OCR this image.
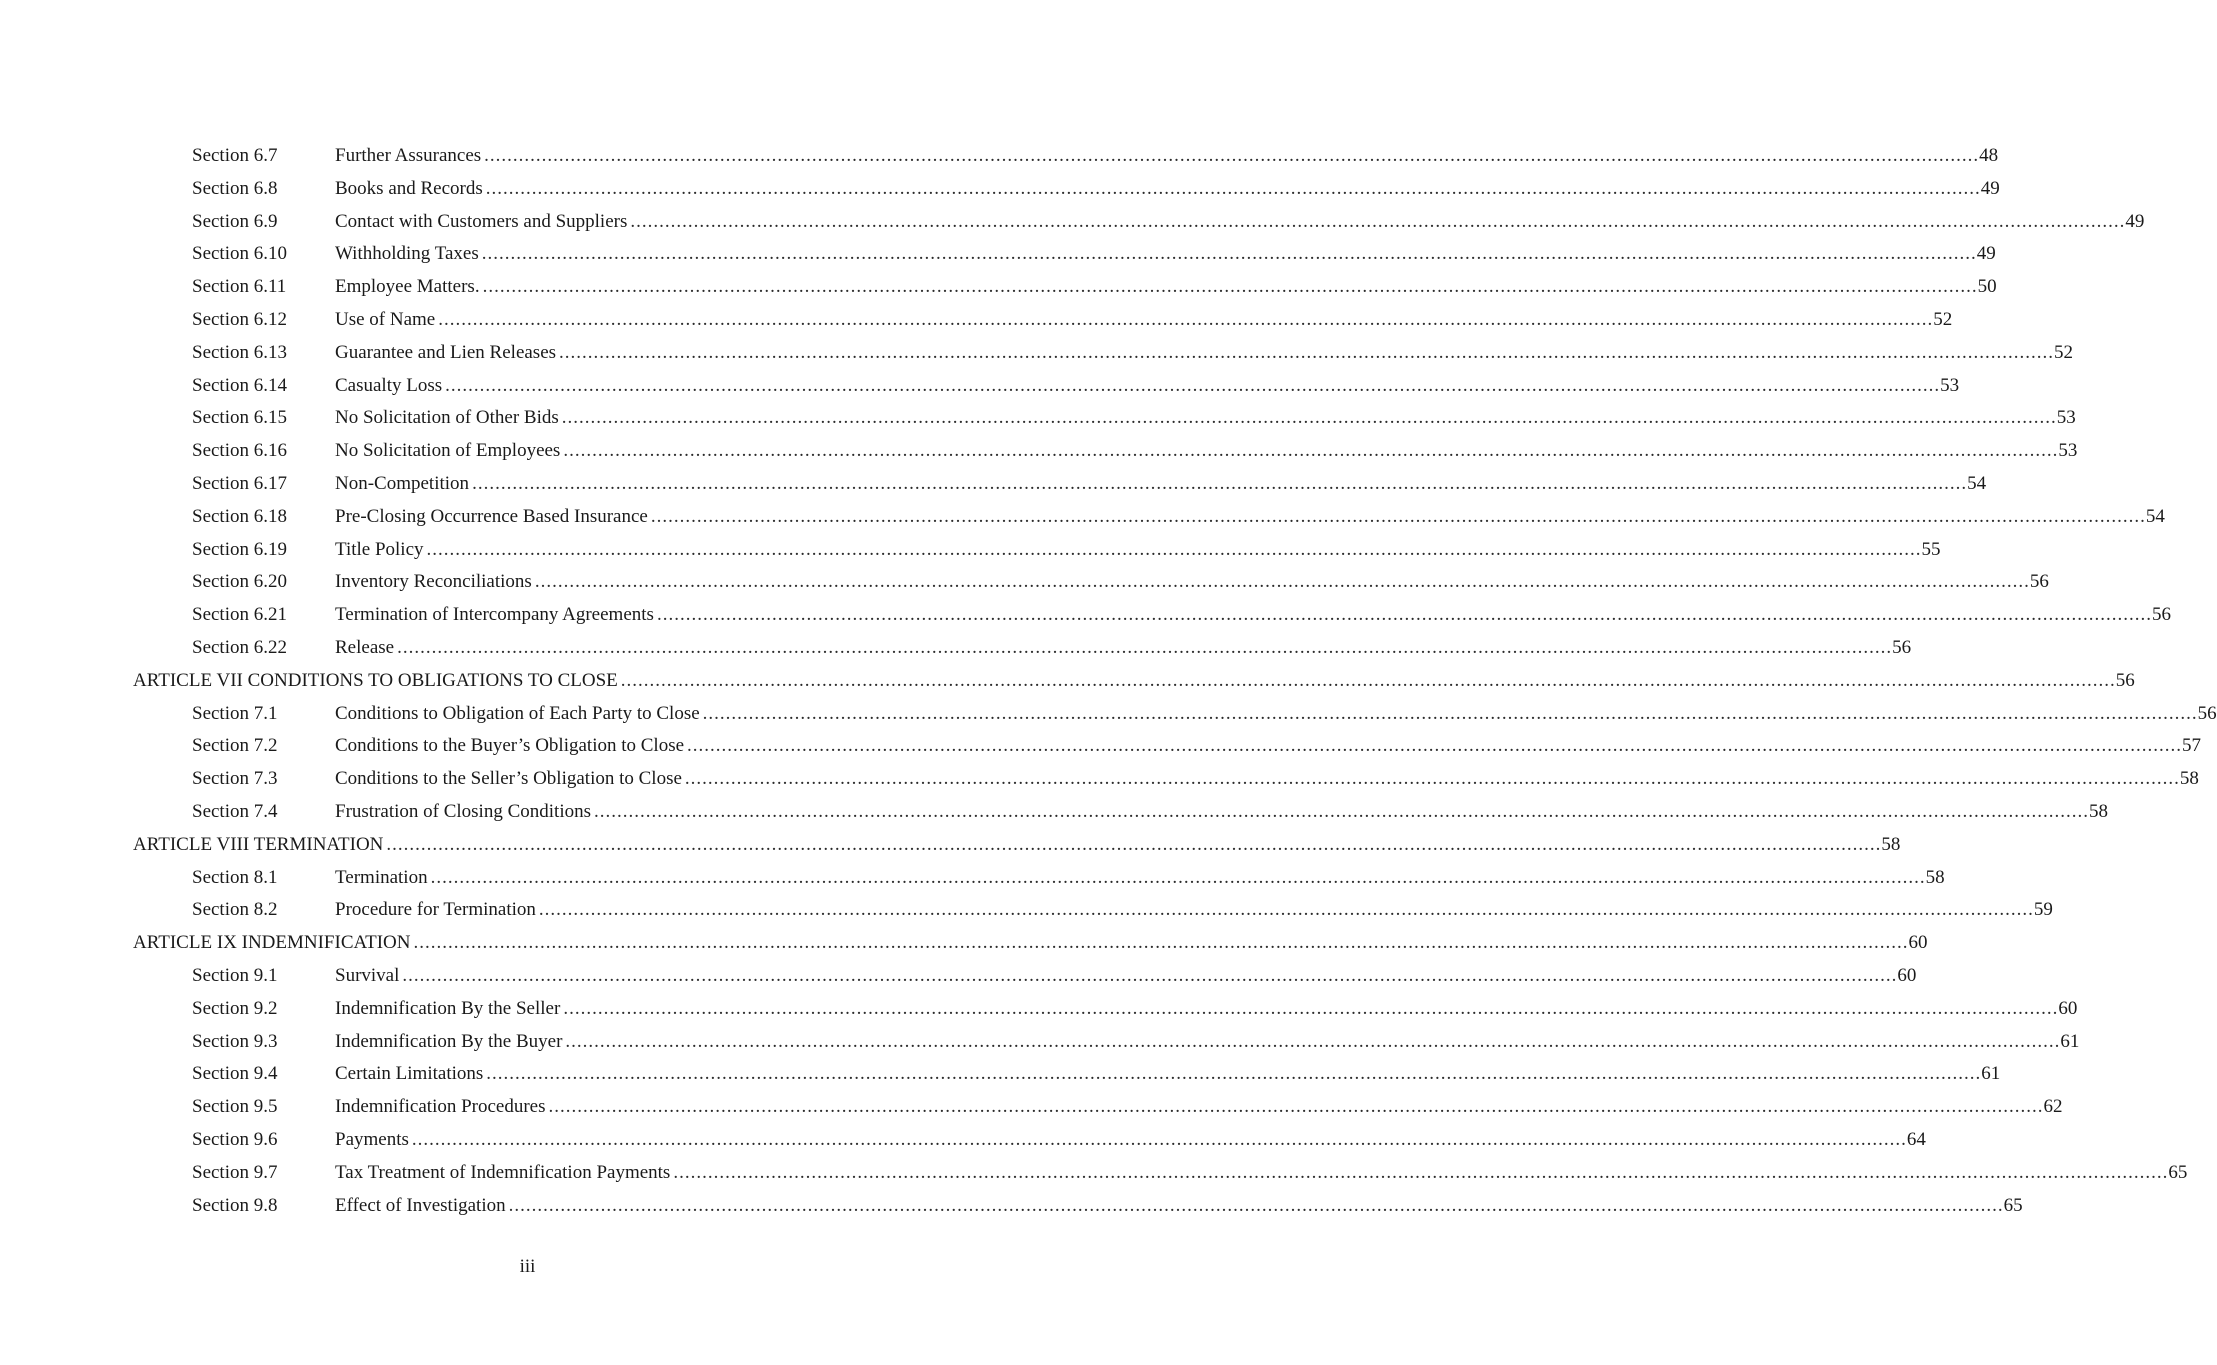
Section 6.7	Further Assurances .................................................................................................................................................................................................................................................................... 48
Section 6.8	Books and Records .................................................................................................................................................................................................................................................................... 49
Section 6.9	Contact with Customers and Suppliers .................................................................................................................................................................................................................................................................... 49
Section 6.10	Withholding Taxes .................................................................................................................................................................................................................................................................... 49
Section 6.11	Employee Matters. .................................................................................................................................................................................................................................................................... 50
Section 6.12	Use of Name .................................................................................................................................................................................................................................................................... 52
Section 6.13	Guarantee and Lien Releases .................................................................................................................................................................................................................................................................... 52
Section 6.14	Casualty Loss .................................................................................................................................................................................................................................................................... 53
Section 6.15	No Solicitation of Other Bids .................................................................................................................................................................................................................................................................... 53
Section 6.16	No Solicitation of Employees .................................................................................................................................................................................................................................................................... 53
Section 6.17	Non-Competition .................................................................................................................................................................................................................................................................... 54
Section 6.18	Pre-Closing Occurrence Based Insurance .................................................................................................................................................................................................................................................................... 54
Section 6.19	Title Policy .................................................................................................................................................................................................................................................................... 55
Section 6.20	Inventory Reconciliations .................................................................................................................................................................................................................................................................... 56
Section 6.21	Termination of Intercompany Agreements .................................................................................................................................................................................................................................................................... 56
Section 6.22	Release .................................................................................................................................................................................................................................................................... 56
ARTICLE VII CONDITIONS TO OBLIGATIONS TO CLOSE .................................................................................................................................................................................................................................................................... 56
Section 7.1	Conditions to Obligation of Each Party to Close .................................................................................................................................................................................................................................................................... 56
Section 7.2	Conditions to the Buyer’s Obligation to Close .................................................................................................................................................................................................................................................................... 57
Section 7.3	Conditions to the Seller’s Obligation to Close .................................................................................................................................................................................................................................................................... 58
Section 7.4	Frustration of Closing Conditions .................................................................................................................................................................................................................................................................... 58
ARTICLE VIII TERMINATION .................................................................................................................................................................................................................................................................... 58
Section 8.1	Termination .................................................................................................................................................................................................................................................................... 58
Section 8.2	Procedure for Termination .................................................................................................................................................................................................................................................................... 59
ARTICLE IX INDEMNIFICATION .................................................................................................................................................................................................................................................................... 60
Section 9.1	Survival .................................................................................................................................................................................................................................................................... 60
Section 9.2	Indemnification By the Seller .................................................................................................................................................................................................................................................................... 60
Section 9.3	Indemnification By the Buyer .................................................................................................................................................................................................................................................................... 61
Section 9.4	Certain Limitations .................................................................................................................................................................................................................................................................... 61
Section 9.5	Indemnification Procedures .................................................................................................................................................................................................................................................................... 62
Section 9.6	Payments .................................................................................................................................................................................................................................................................... 64
Section 9.7	Tax Treatment of Indemnification Payments .................................................................................................................................................................................................................................................................... 65
Section 9.8	Effect of Investigation .................................................................................................................................................................................................................................................................... 65
iii
